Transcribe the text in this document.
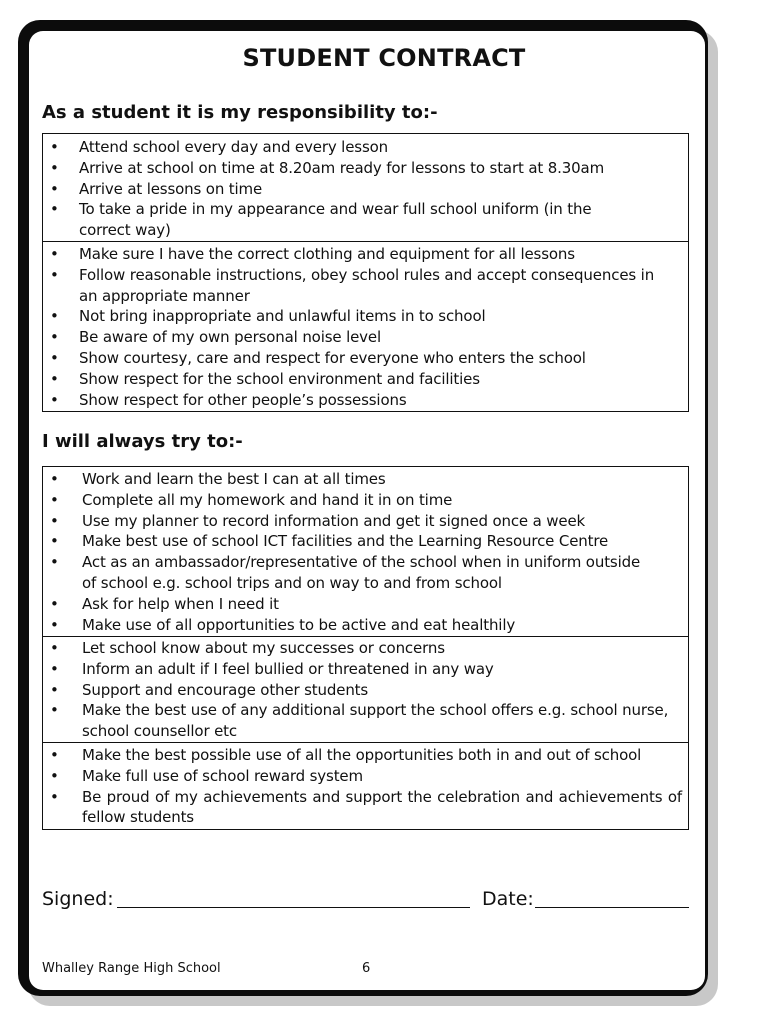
STUDENT CONTRACT
As a student it is my responsibility to:-
• Attend school every day and every lesson
• Arrive at school on time at 8.20am ready for lessons to start at 8.30am
• Arrive at lessons on time
• To take a pride in my appearance and wear full school uniform (in the correct way)
• Make sure I have the correct clothing and equipment for all lessons
• Follow reasonable instructions, obey school rules and accept consequences in an appropriate manner
• Not bring inappropriate and unlawful items in to school
• Be aware of my own personal noise level
• Show courtesy, care and respect for everyone who enters the school
• Show respect for the school environment and facilities
• Show respect for other people’s possessions
I will always try to:-
• Work and learn the best I can at all times
• Complete all my homework and hand it in on time
• Use my planner to record information and get it signed once a week
• Make best use of school ICT facilities and the Learning Resource Centre
• Act as an ambassador/representative of the school when in uniform outside of school e.g. school trips and on way to and from school
• Ask for help when I need it
• Make use of all opportunities to be active and eat healthily
• Let school know about my successes or concerns
• Inform an adult if I feel bullied or threatened in any way
• Support and encourage other students
• Make the best use of any additional support the school offers e.g. school nurse, school counsellor etc
• Make the best possible use of all the opportunities both in and out of school
• Make full use of school reward system
• Be proud of my achievements and support the celebration and achievements of fellow students
Signed:	Date:
Whalley Range High School	6
